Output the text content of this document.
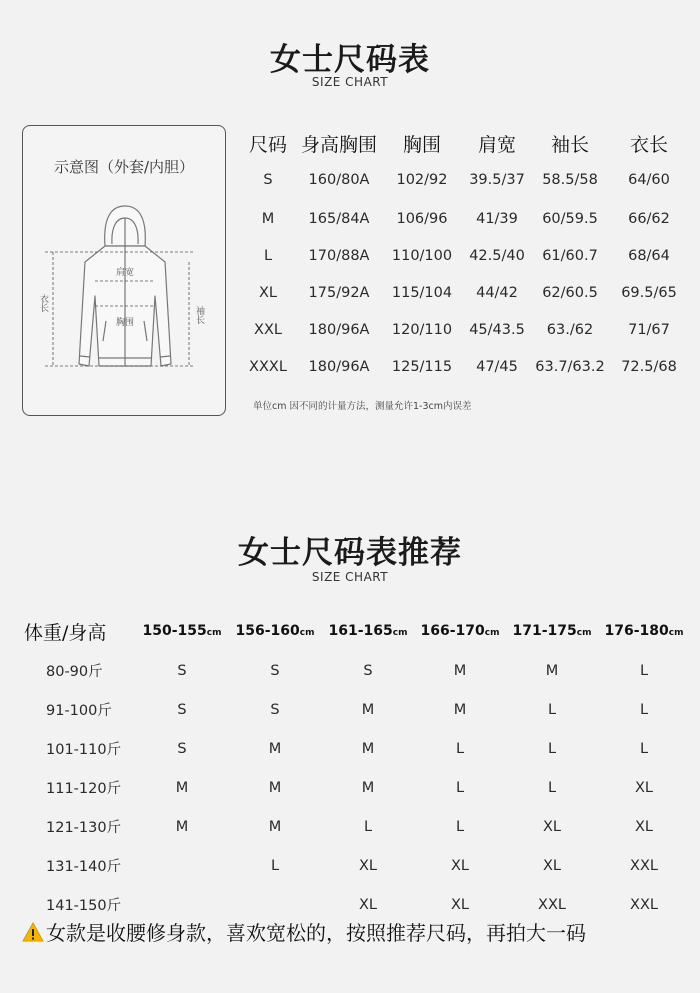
女士尺码表
SIZE CHART
示意图（外套/内胆）
肩宽
胸围
衣长
袖长
尺码	身高胸围	胸围	肩宽	袖长	衣长
S	160/80A	102/92	39.5/37	58.5/58	64/60
M	165/84A	106/96	41/39	60/59.5	66/62
L	170/88A	110/100	42.5/40	61/60.7	68/64
XL	175/92A	115/104	44/42	62/60.5	69.5/65
XXL	180/96A	120/110	45/43.5	63./62	71/67
XXXL	180/96A	125/115	47/45	63.7/63.2	72.5/68
单位cm 因不同的计量方法，测量允许1-3cm内误差
女士尺码表推荐
SIZE CHART
体重/身高	150-155cm	156-160cm	161-165cm	166-170cm	171-175cm	176-180cm
80-90斤	S	S	S	M	M	L
91-100斤	S	S	M	M	L	L
101-110斤	S	M	M	L	L	L
111-120斤	M	M	M	L	L	XL
121-130斤	M	M	L	L	XL	XL
131-140斤		L	XL	XL	XL	XXL
141-150斤			XL	XL	XXL	XXL
女款是收腰修身款，喜欢宽松的，按照推荐尺码，再拍大一码
